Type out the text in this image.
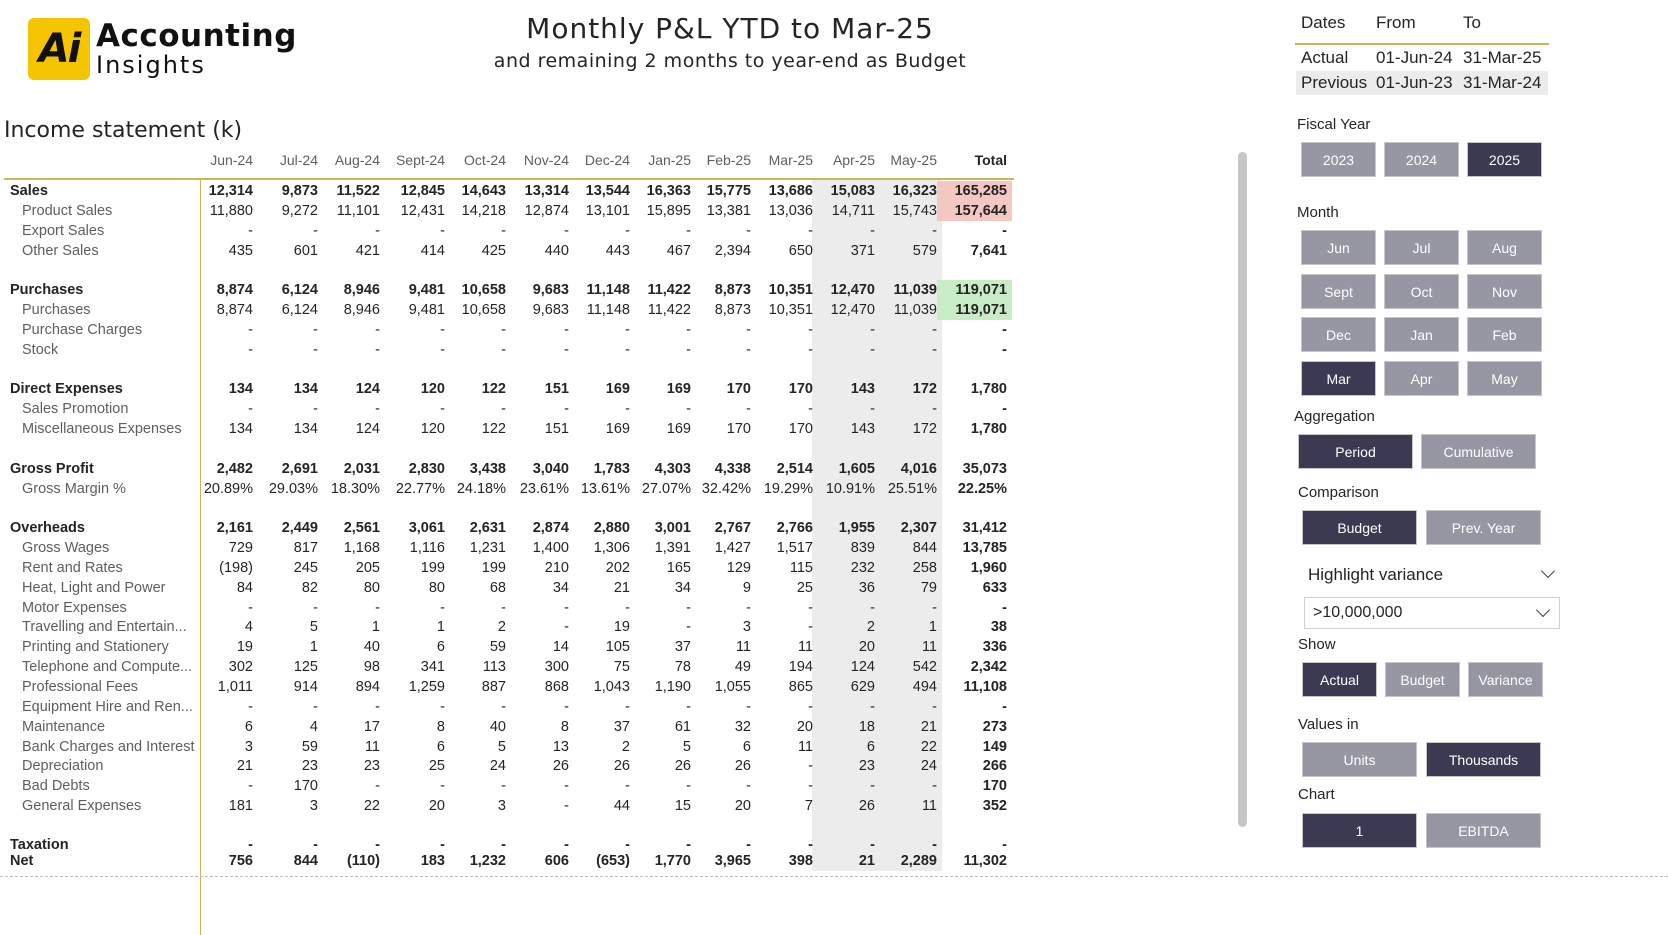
Ai Accounting
Insights
Monthly P&L YTD to Mar-25
and remaining 2 months to year-end as Budget
Income statement (k)
Jun-24	Jul-24	Aug-24	Sept-24	Oct-24	Nov-24	Dec-24	Jan-25	Feb-25	Mar-25	Apr-25	May-25	Total
Sales	12,314	9,873	11,522	12,845	14,643	13,314	13,544	16,363	15,775	13,686	15,083	16,323	165,285
Product Sales	11,880	9,272	11,101	12,431	14,218	12,874	13,101	15,895	13,381	13,036	14,711	15,743	157,644
Export Sales	-	-	-	-	-	-	-	-	-	-	-	-	-
Other Sales	435	601	421	414	425	440	443	467	2,394	650	371	579	7,641
Purchases	8,874	6,124	8,946	9,481	10,658	9,683	11,148	11,422	8,873	10,351	12,470	11,039	119,071
Purchases	8,874	6,124	8,946	9,481	10,658	9,683	11,148	11,422	8,873	10,351	12,470	11,039	119,071
Purchase Charges	-	-	-	-	-	-	-	-	-	-	-	-	-
Stock	-	-	-	-	-	-	-	-	-	-	-	-	-
Direct Expenses	134	134	124	120	122	151	169	169	170	170	143	172	1,780
Sales Promotion	-	-	-	-	-	-	-	-	-	-	-	-	-
Miscellaneous Expenses	134	134	124	120	122	151	169	169	170	170	143	172	1,780
Gross Profit	2,482	2,691	2,031	2,830	3,438	3,040	1,783	4,303	4,338	2,514	1,605	4,016	35,073
Gross Margin %	20.89%	29.03% 18.30%	22.77% 24.18% 23.61% 13.61% 27.07% 32.42% 19.29% 10.91% 25.51%	22.25%
Overheads	2,161	2,449	2,561	3,061	2,631	2,874	2,880	3,001	2,767	2,766	1,955	2,307	31,412
Gross Wages	729	817	1,168	1,116	1,231	1,400	1,306	1,391	1,427	1,517	839	844	13,785
Rent and Rates	(198)	245	205	199	199	210	202	165	129	115	232	258	1,960
Heat, Light and Power	84	82	80	80	68	34	21	34	9	25	36	79	633
Motor Expenses	-	-	-	-	-	-	-	-	-	-	-	-	-
Travelling and Entertain...	4	5	1	1	2	-	19	-	3	-	2	1	38
Printing and Stationery	19	1	40	6	59	14	105	37	11	11	20	11	336
Telephone and Compute...	302	125	98	341	113	300	75	78	49	194	124	542	2,342
Professional Fees	1,011	914	894	1,259	887	868	1,043	1,190	1,055	865	629	494	11,108
Equipment Hire and Ren...	-	-	-	-	-	-	-	-	-	-	-	-	-
Maintenance	6	4	17	8	40	8	37	61	32	20	18	21	273
Bank Charges and Interest	3	59	11	6	5	13	2	5	6	11	6	22	149
Depreciation	21	23	23	25	24	26	26	26	26	-	23	24	266
Bad Debts	-	170	-	-	-	-	-	-	-	-	-	-	170
General Expenses	181	3	22	20	3	-	44	15	20	7	26	11	352
Taxation	-	-	-	-	-	-	-	-	-	-	-	-	-
Net	756	844	(110)	183	1,232	606	(653)	1,770	3,965	398	21	2,289	11,302
Dates From	To
Actual 01-Jun-24 31-Mar-25
Previous 01-Jun-23 31-Mar-24
Fiscal Year
2023	2024	2025
Month
Jun	Jul	Aug
Sept	Oct	Nov
Dec	Jan	Feb
Mar	Apr	May
Aggregation
Period	Cumulative
Comparison
Budget	Prev. Year
Highlight variance
>10,000,000
Show
Actual	Budget	Variance
Values in
Units	Thousands
Chart
1	EBITDA
